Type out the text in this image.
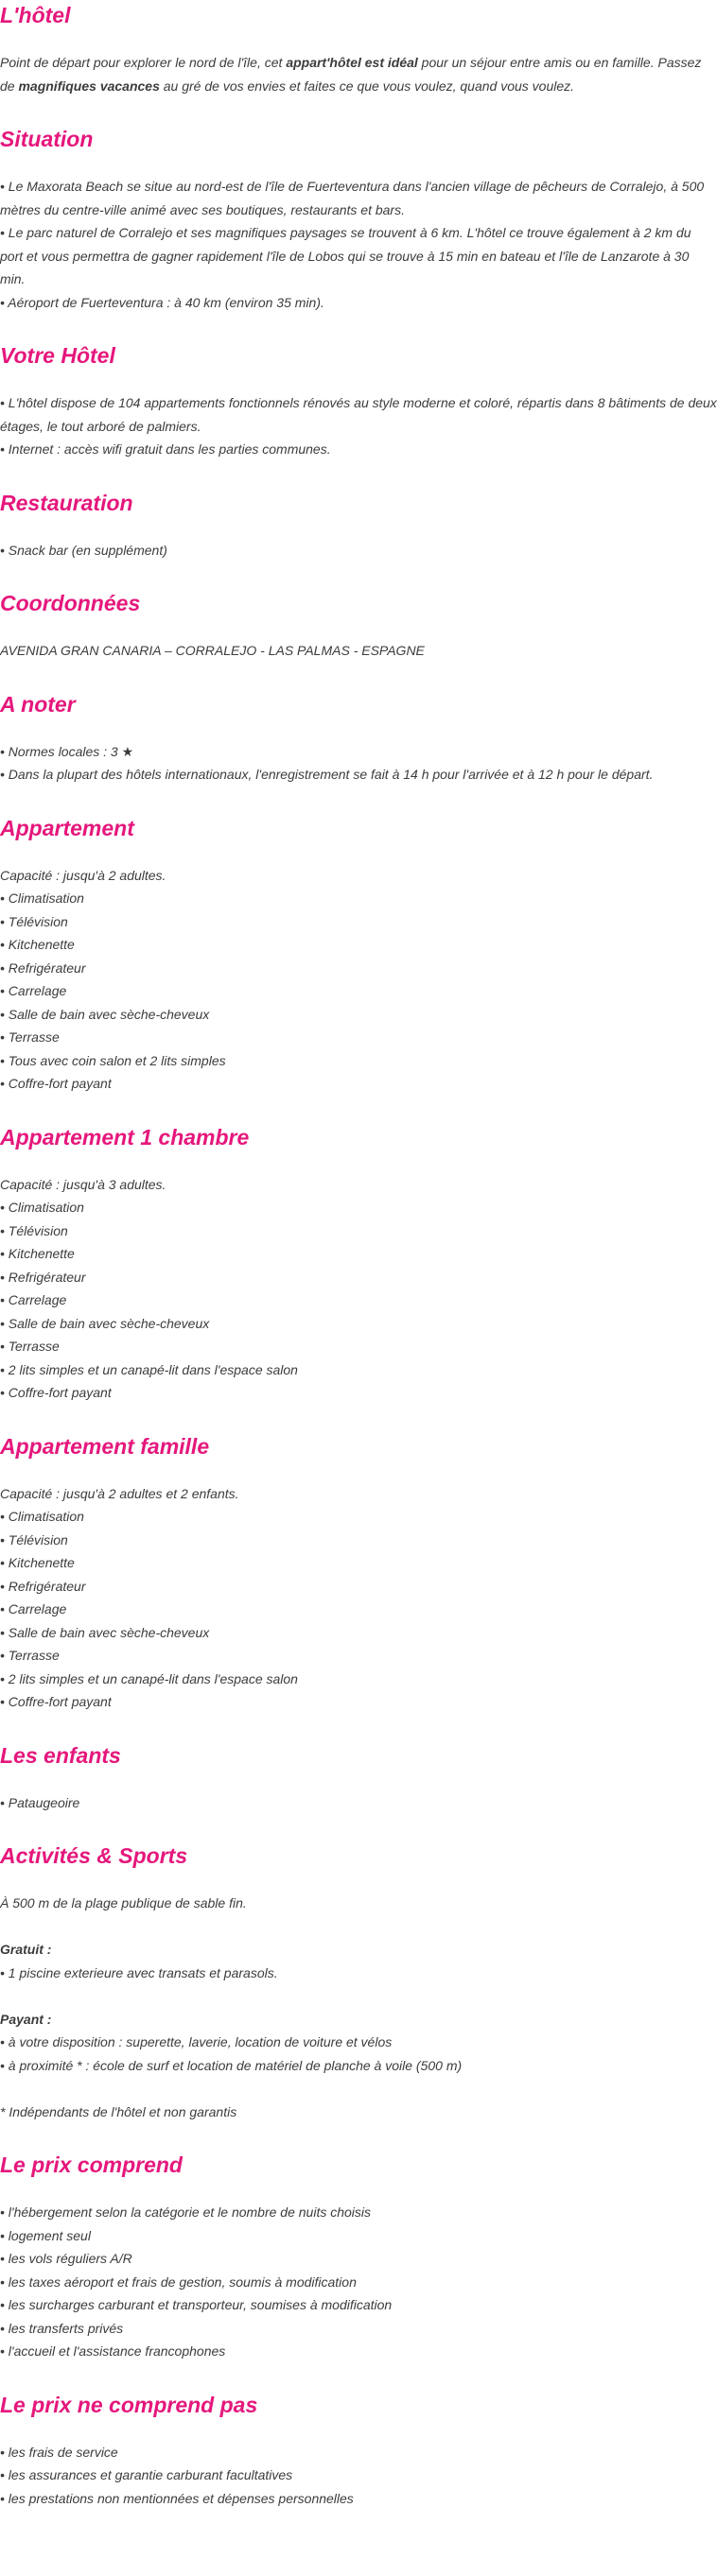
L'hôtel

Point de départ pour explorer le nord de l'île, cet appart'hôtel est idéal pour un séjour entre amis ou en famille. Passez de magnifiques vacances au gré de vos envies et faites ce que vous voulez, quand vous voulez.

Situation
• Le Maxorata Beach se situe au nord-est de l'île de Fuerteventura dans l'ancien village de pêcheurs de Corralejo, à 500 mètres du centre-ville animé avec ses boutiques, restaurants et bars.
• Le parc naturel de Corralejo et ses magnifiques paysages se trouvent à 6 km. L'hôtel ce trouve également à 2 km du port et vous permettra de gagner rapidement l'île de Lobos qui se trouve à 15 min en bateau et l'île de Lanzarote à 30 min.
• Aéroport de Fuerteventura : à 40 km (environ 35 min).
Votre Hôtel
• L'hôtel dispose de 104 appartements fonctionnels rénovés au style moderne et coloré, répartis dans 8 bâtiments de deux étages, le tout arboré de palmiers.
• Internet : accès wifi gratuit dans les parties communes.
Restauration
• Snack bar (en supplément)
Coordonnées
AVENIDA GRAN CANARIA – CORRALEJO - LAS PALMAS - ESPAGNE
A noter
• Normes locales : 3 ★
• Dans la plupart des hôtels internationaux, l'enregistrement se fait à 14 h pour l'arrivée et à 12 h pour le départ.
Appartement
Capacité : jusqu'à 2 adultes.
• Climatisation
• Télévision
• Kitchenette
• Refrigérateur
• Carrelage
• Salle de bain avec sèche-cheveux
• Terrasse
• Tous avec coin salon et 2 lits simples
• Coffre-fort payant
Appartement 1 chambre
Capacité : jusqu'à 3 adultes.
• Climatisation
• Télévision
• Kitchenette
• Refrigérateur
• Carrelage
• Salle de bain avec sèche-cheveux
• Terrasse
• 2 lits simples et un canapé-lit dans l'espace salon
• Coffre-fort payant
Appartement famille
Capacité : jusqu'à 2 adultes et 2 enfants.
• Climatisation
• Télévision
• Kitchenette
• Refrigérateur
• Carrelage
• Salle de bain avec sèche-cheveux
• Terrasse
• 2 lits simples et un canapé-lit dans l'espace salon
• Coffre-fort payant
Les enfants
• Pataugeoire
Activités & Sports

À 500 m de la plage publique de sable fin.

Gratuit :
• 1 piscine exterieure avec transats et parasols.
Payant :
• à votre disposition : superette, laverie, location de voiture et vélos
• à proximité * : école de surf et location de matériel de planche à voile (500 m)

* Indépendants de l'hôtel et non garantis

Le prix comprend
• l'hébergement selon la catégorie et le nombre de nuits choisis
• logement seul
• les vols réguliers A/R
• les taxes aéroport et frais de gestion, soumis à modification
• les surcharges carburant et transporteur, soumises à modification
• les transferts privés
• l'accueil et l'assistance francophones
Le prix ne comprend pas
• les frais de service
• les assurances et garantie carburant facultatives
• les prestations non mentionnées et dépenses personnelles
